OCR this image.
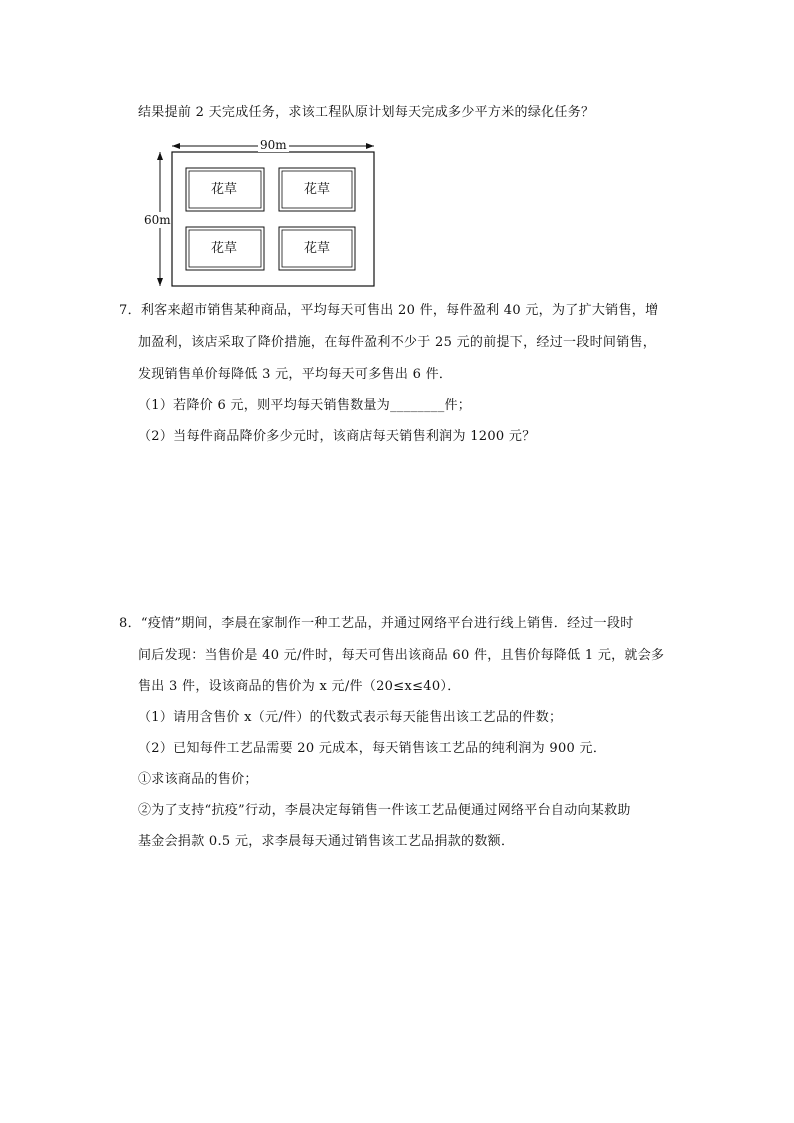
结果提前 2 天完成任务，求该工程队原计划每天完成多少平方米的绿化任务？
90m
60m
花草	花草
花草	花草
7．利客来超市销售某种商品，平均每天可售出 20 件，每件盈利 40 元，为了扩大销售，增
加盈利，该店采取了降价措施，在每件盈利不少于 25 元的前提下，经过一段时间销售，
发现销售单价每降低 3 元，平均每天可多售出 6 件．
（1）若降价 6 元，则平均每天销售数量为________件；
（2）当每件商品降价多少元时，该商店每天销售利润为 1200 元？
8．“疫情”期间，李晨在家制作一种工艺品，并通过网络平台进行线上销售．经过一段时
间后发现：当售价是 40 元/件时，每天可售出该商品 60 件，且售价每降低 1 元，就会多
售出 3 件，设该商品的售价为 x 元/件（20≤x≤40）．
（1）请用含售价 x（元/件）的代数式表示每天能售出该工艺品的件数；
（2）已知每件工艺品需要 20 元成本，每天销售该工艺品的纯利润为 900 元．
①求该商品的售价；
②为了支持“抗疫”行动，李晨决定每销售一件该工艺品便通过网络平台自动向某救助
基金会捐款 0.5 元，求李晨每天通过销售该工艺品捐款的数额．
